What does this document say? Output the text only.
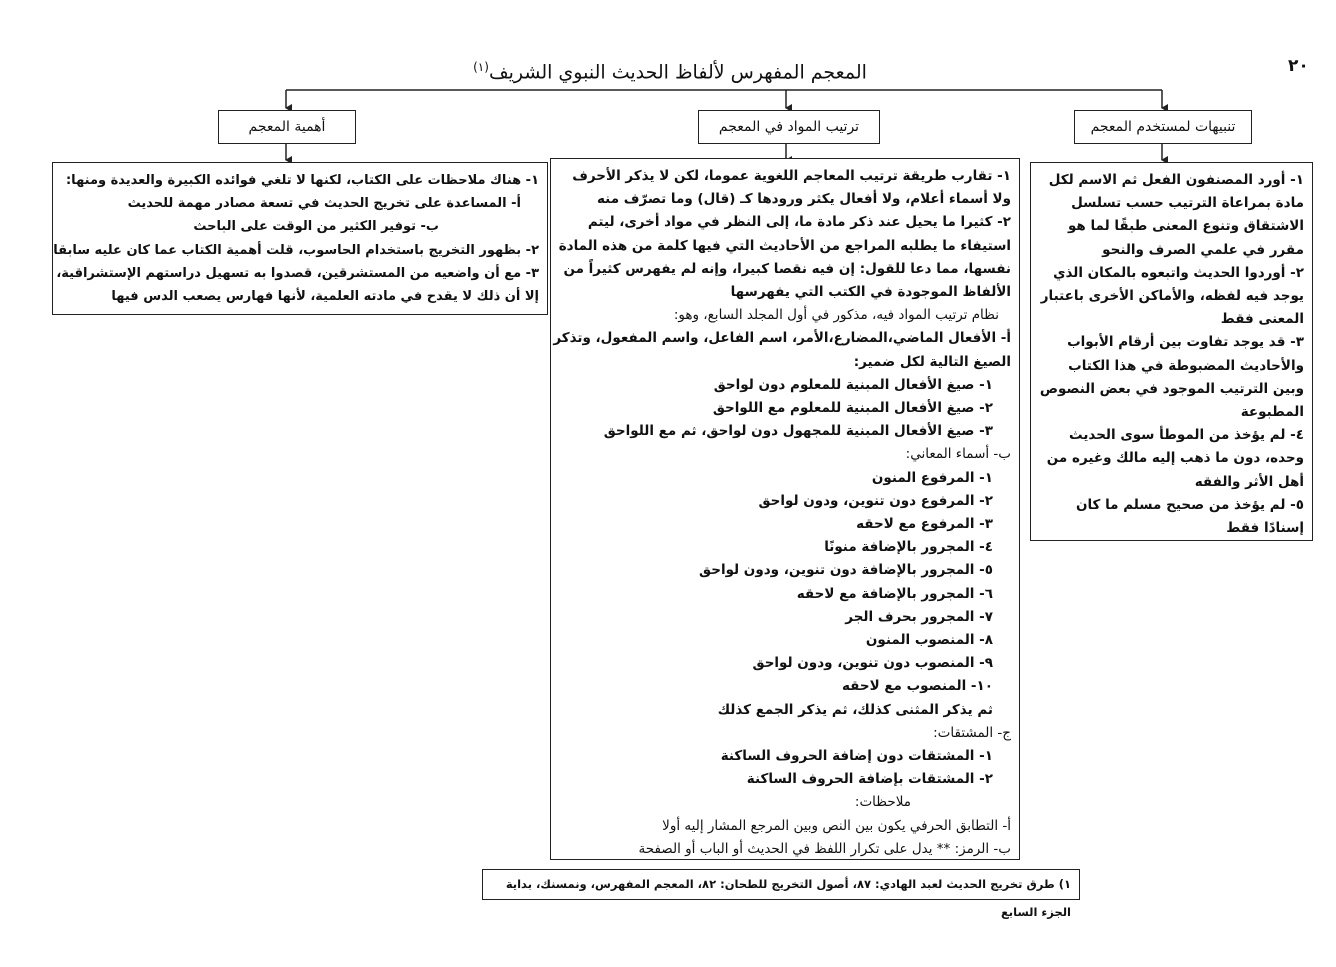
٢٠
المعجم المفهرس لألفاظ الحديث النبوي الشريف$^{(١)}$
تنبيهات لمستخدم المعجم
ترتيب المواد في المعجم
أهمية المعجم

١- أورد المصنفون الفعل ثم الاسم لكل مادة بمراعاة الترتيب حسب تسلسل الاشتقاق وتنوع المعنى طبقًا لما هو مقرر في علمي الصرف والنحو

٢- أوردوا الحديث واتبعوه بالمكان الذي يوجد فيه لفظه، والأماكن الأخرى باعتبار المعنى فقط

٣- قد يوجد تفاوت بين أرقام الأبواب والأحاديث المضبوطة في هذا الكتاب وبين الترتيب الموجود في بعض النصوص المطبوعة

٤- لم يؤخذ من الموطأ سوى الحديث وحده، دون ما ذهب إليه مالك وغيره من أهل الأثر والفقه

٥- لم يؤخذ من صحيح مسلم ما كان إسنادًا فقط

١- تقارب طريقة ترتيب المعاجم اللغوية عموما، لكن لا يذكر الأحرف

ولا أسماء أعلام، ولا أفعال يكثر ورودها كـ (قال) وما تصرّف منه

٢- كثيرا ما يحيل عند ذكر مادة ما، إلى النظر في مواد أخرى، ليتم

استيفاء ما يطلبه المراجع من الأحاديث التي فيها كلمة من هذه المادة

نفسها، مما دعا للقول: إن فيه نقصا كبيرا، وإنه لم يفهرس كثيراً من

الألفاظ الموجودة في الكتب التي يفهرسها

نظام ترتيب المواد فيه، مذكور في أول المجلد السابع، وهو:

أ- الأفعال الماضي،المضارع،الأمر، اسم الفاعل، واسم المفعول، وتذكر

الصيغ التالية لكل ضمير:

١- صيغ الأفعال المبنية للمعلوم دون لواحق

٢- صيغ الأفعال المبنية للمعلوم مع اللواحق

٣- صيغ الأفعال المبنية للمجهول دون لواحق، ثم مع اللواحق

ب- أسماء المعاني:

١- المرفوع المنون

٢- المرفوع دون تنوين، ودون لواحق

٣- المرفوع مع لاحقه

٤- المجرور بالإضافة منونًا

٥- المجرور بالإضافة دون تنوين، ودون لواحق

٦- المجرور بالإضافة مع لاحقه

٧- المجرور بحرف الجر

٨- المنصوب المنون

٩- المنصوب دون تنوين، ودون لواحق

١٠- المنصوب مع لاحقه

ثم يذكر المثنى كذلك، ثم يذكر الجمع كذلك

ج- المشتقات:

١- المشتقات دون إضافة الحروف الساكنة

٢- المشتقات بإضافة الحروف الساكنة

ملاحظات:

أ- التطابق الحرفي يكون بين النص وبين المرجع المشار إليه أولا

ب- الرمز: ** يدل على تكرار اللفظ في الحديث أو الباب أو الصفحة

١- هناك ملاحظات على الكتاب، لكنها لا تلغي فوائده الكبيرة والعديدة ومنها:

أ- المساعدة على تخريج الحديث في تسعة مصادر مهمة للحديث

ب- توفير الكثير من الوقت على الباحث

٢- بظهور التخريج باستخدام الحاسوب، قلت أهمية الكتاب عما كان عليه سابقا

٣- مع أن واضعيه من المستشرقين، قصدوا به تسهيل دراستهم الإستشراقية،

إلا أن ذلك لا يقدح في مادته العلمية، لأنها فهارس يصعب الدس فيها

١) طرق تخريج الحديث لعبد الهادي: ٨٧، أصول التخريج للطحان: ٨٢، المعجم المفهرس، ونمسنك، بداية الجزء السابع
